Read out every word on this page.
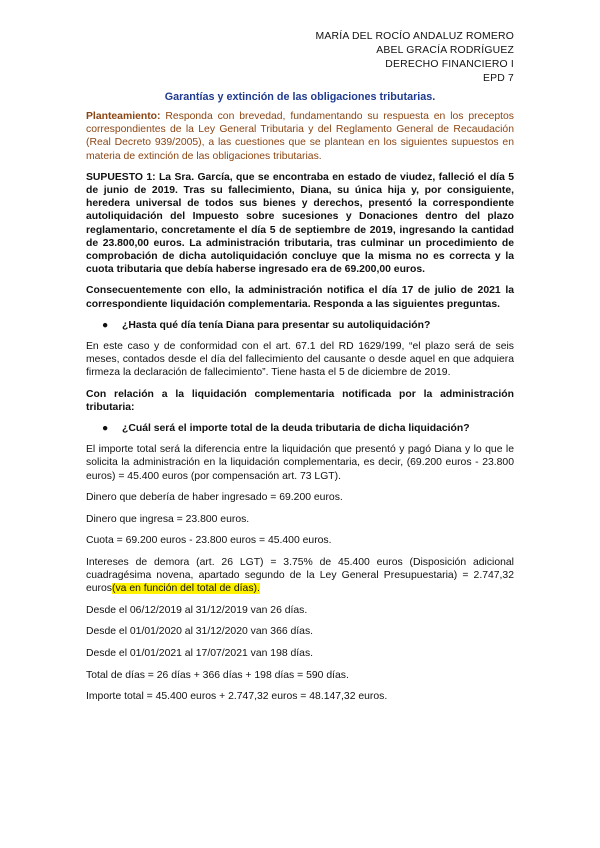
MARÍA DEL ROCÍO ANDALUZ ROMERO
ABEL GRACÍA RODRÍGUEZ
DERECHO FINANCIERO I
EPD 7
Garantías y extinción de las obligaciones tributarias.

Planteamiento: Responda con brevedad, fundamentando su respuesta en los preceptos correspondientes de la Ley General Tributaria y del Reglamento General de Recaudación (Real Decreto 939/2005), a las cuestiones que se plantean en los siguientes supuestos en materia de extinción de las obligaciones tributarias.

SUPUESTO 1: La Sra. García, que se encontraba en estado de viudez, falleció el día 5 de junio de 2019. Tras su fallecimiento, Diana, su única hija y, por consiguiente, heredera universal de todos sus bienes y derechos, presentó la correspondiente autoliquidación del Impuesto sobre sucesiones y Donaciones dentro del plazo reglamentario, concretamente el día 5 de septiembre de 2019, ingresando la cantidad de 23.800,00 euros. La administración tributaria, tras culminar un procedimiento de comprobación de dicha autoliquidación concluye que la misma no es correcta y la cuota tributaria que debía haberse ingresado era de 69.200,00 euros.

Consecuentemente con ello, la administración notifica el día 17 de julio de 2021 la correspondiente liquidación complementaria. Responda a las siguientes preguntas.

●	¿Hasta qué día tenía Diana para presentar su autoliquidación?

En este caso y de conformidad con el art. 67.1 del RD 1629/199, “el plazo será de seis meses, contados desde el día del fallecimiento del causante o desde aquel en que adquiera firmeza la declaración de fallecimiento”. Tiene hasta el 5 de diciembre de 2019.

Con relación a la liquidación complementaria notificada por la administración tributaria:

●	¿Cuál será el importe total de la deuda tributaria de dicha liquidación?

El importe total será la diferencia entre la liquidación que presentó y pagó Diana y lo que le solicita la administración en la liquidación complementaria, es decir, (69.200 euros - 23.800 euros) = 45.400 euros (por compensación art. 73 LGT).

Dinero que debería de haber ingresado = 69.200 euros.
Dinero que ingresa = 23.800 euros.
Cuota = 69.200 euros - 23.800 euros = 45.400 euros.

Intereses de demora (art. 26 LGT) = 3.75% de 45.400 euros (Disposición adicional cuadragésima novena, apartado segundo de la Ley General Presupuestaria) = 2.747,32 euros(va en función del total de días).

Desde el 06/12/2019 al 31/12/2019 van 26 días.
Desde el 01/01/2020 al 31/12/2020 van 366 días.
Desde el 01/01/2021 al 17/07/2021 van 198 días.
Total de días = 26 días + 366 días + 198 días = 590 días.
Importe total = 45.400 euros + 2.747,32 euros = 48.147,32 euros.
